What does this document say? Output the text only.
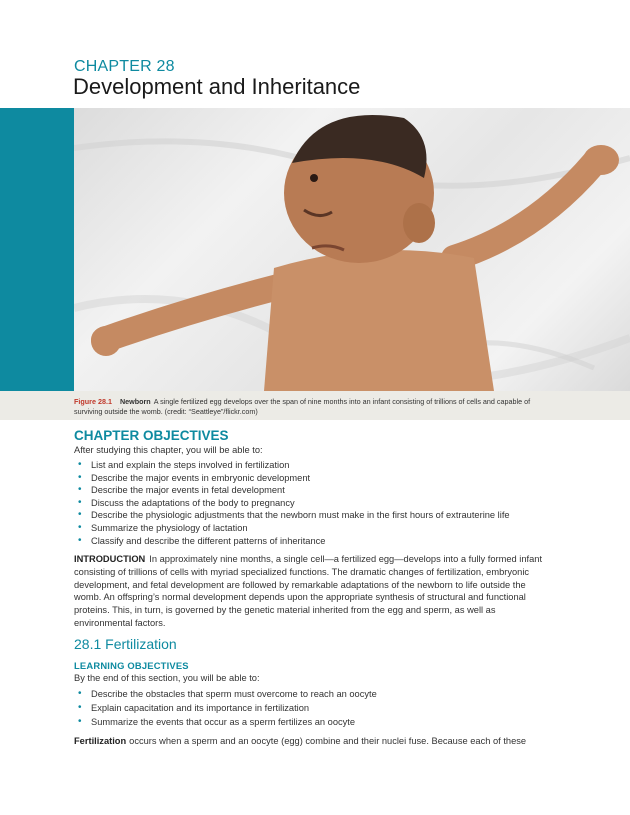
CHAPTER 28
Development and Inheritance
Figure 28.1 Newborn A single fertilized egg develops over the span of nine months into an infant consisting of trillions of cells and capable of surviving outside the womb. (credit: “Seattleye”/flickr.com)
CHAPTER OBJECTIVES
After studying this chapter, you will be able to:
• List and explain the steps involved in fertilization
• Describe the major events in embryonic development
• Describe the major events in fetal development
• Discuss the adaptations of the body to pregnancy
• Describe the physiologic adjustments that the newborn must make in the first hours of extrauterine life
• Summarize the physiology of lactation
• Classify and describe the different patterns of inheritance

INTRODUCTION In approximately nine months, a single cell—a fertilized egg—develops into a fully formed infant consisting of trillions of cells with myriad specialized functions. The dramatic changes of fertilization, embryonic development, and fetal development are followed by remarkable adaptations of the newborn to life outside the womb. An offspring’s normal development depends upon the appropriate synthesis of structural and functional proteins. This, in turn, is governed by the genetic material inherited from the egg and sperm, as well as environmental factors.

28.1 Fertilization
LEARNING OBJECTIVES
By the end of this section, you will be able to:
• Describe the obstacles that sperm must overcome to reach an oocyte
• Explain capacitation and its importance in fertilization
• Summarize the events that occur as a sperm fertilizes an oocyte

Fertilization occurs when a sperm and an oocyte (egg) combine and their nuclei fuse. Because each of these
